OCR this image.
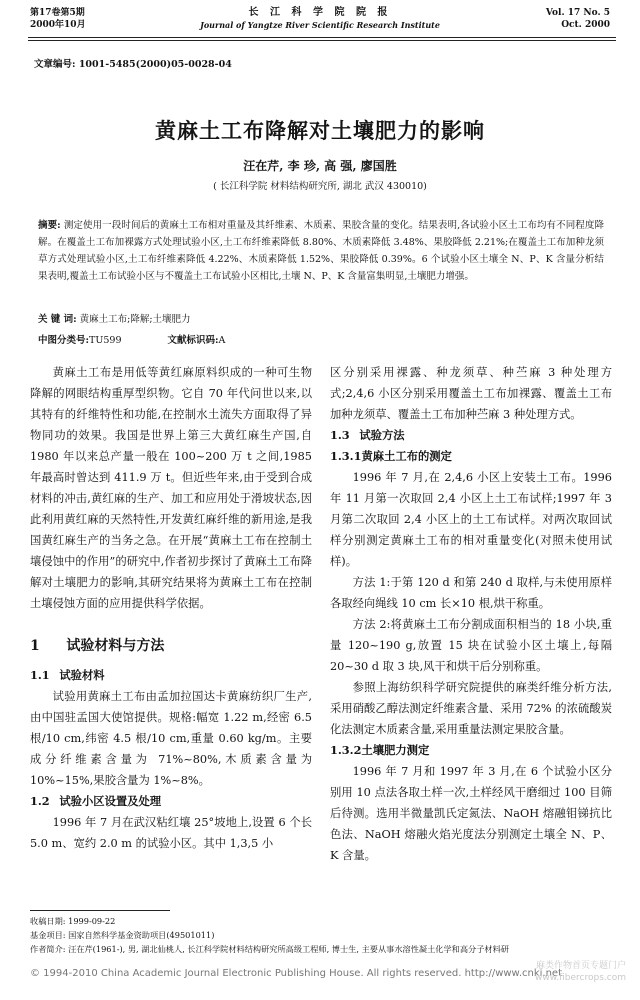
第17卷第5期
2000年10月
长 江 科 学 院 院 报
Journal of Yangtze River Scientific Research Institute
Vol. 17 No. 5
Oct. 2000
文章编号: 1001-5485(2000)05-0028-04
黄麻土工布降解对土壤肥力的影响
汪在芹, 李 珍, 高 强, 廖国胜
( 长江科学院 材料结构研究所, 湖北 武汉 430010)

摘要: 测定使用一段时间后的黄麻土工布相对重量及其纤维素、木质素、果胶含量的变化。结果表明,各试验小区土工布均有不同程度降解。在覆盖土工布加裸露方式处理试验小区,土工布纤维素降低 8.80%、木质素降低 3.48%、果胶降低 2.21%;在覆盖土工布加种龙须草方式处理试验小区,土工布纤维素降低 4.22%、木质素降低 1.52%、果胶降低 0.39%。6 个试验小区土壤全 N、P、K 含量分析结果表明,覆盖土工布试验小区与不覆盖土工布试验小区相比,土壤 N、P、K 含量富集明显,土壤肥力增强。

关 键 词: 黄麻土工布;降解;土壤肥力

中图分类号:TU599	文献标识码:A

黄麻土工布是用低等黄红麻原料织成的一种可生物降解的网眼结构重厚型织物。它自 70 年代问世以来,以其特有的纤维特性和功能,在控制水土流失方面取得了异物同功的效果。我国是世界上第三大黄红麻生产国,自 1980 年以来总产量一般在 100~200 万 t 之间,1985 年最高时曾达到 411.9 万 t。但近些年来,由于受到合成材料的冲击,黄红麻的生产、加工和应用处于滑坡状态,因此利用黄红麻的天然特性,开发黄红麻纤维的新用途,是我国黄红麻生产的当务之急。在开展“黄麻土工布在控制土壤侵蚀中的作用”的研究中,作者初步探讨了黄麻土工布降解对土壤肥力的影响,其研究结果将为黄麻土工布在控制土壤侵蚀方面的应用提供科学依据。

1 试验材料与方法
1.1 试验材料

试验用黄麻土工布由孟加拉国达卡黄麻纺织厂生产,由中国驻孟国大使馆提供。规格:幅宽 1.22 m,经密 6.5 根/10 cm,纬密 4.5 根/10 cm,重量 0.60 kg/m。主要成分纤维素含量为 71%~80%,木质素含量为 10%~15%,果胶含量为 1%~8%。

1.2 试验小区设置及处理

1996 年 7 月在武汉粘红壤 25°坡地上,设置 6 个长 5.0 m、宽约 2.0 m 的试验小区。其中 1,3,5 小

区分别采用裸露、种龙须草、种苎麻 3 种处理方式;2,4,6 小区分别采用覆盖土工布加裸露、覆盖土工布加种龙须草、覆盖土工布加种苎麻 3 种处理方式。

1.3 试验方法
1.3.1黄麻土工布的测定

1996 年 7 月,在 2,4,6 小区上安装土工布。1996 年 11 月第一次取回 2,4 小区上土工布试样;1997 年 3 月第二次取回 2,4 小区上的土工布试样。对两次取回试样分别测定黄麻土工布的相对重量变化(对照未使用试样)。

方法 1:于第 120 d 和第 240 d 取样,与未使用原样各取经向绳线 10 cm 长×10 根,烘干称重。

方法 2:将黄麻土工布分割成面积相当的 18 小块,重量 120~190 g,放置 15 块在试验小区土壤上,每隔 20~30 d 取 3 块,风干和烘干后分别称重。

参照上海纺织科学研究院提供的麻类纤维分析方法,采用硝酸乙醇法测定纤维素含量、采用 72% 的浓硫酸炭化法测定木质素含量,采用重量法测定果胶含量。

1.3.2土壤肥力测定

1996 年 7 月和 1997 年 3 月,在 6 个试验小区分别用 10 点法各取土样一次,土样经风干磨细过 100 目筛后待测。选用半微量凯氏定氮法、NaOH 熔融钼锑抗比色法、NaOH 熔融火焰光度法分别测定土壤全 N、P、K 含量。

收稿日期: 1999-09-22

基金项目: 国家自然科学基金资助项目(49501011)

作者简介: 汪在芹(1961-), 男, 湖北仙桃人, 长江科学院材料结构研究所高级工程师, 博士生, 主要从事水溶性凝土化学和高分子材料研

© 1994-2010 China Academic Journal Electronic Publishing House. All rights reserved. http://www.cnki.net
麻类作物首页专题门户
www.fibercrops.com
